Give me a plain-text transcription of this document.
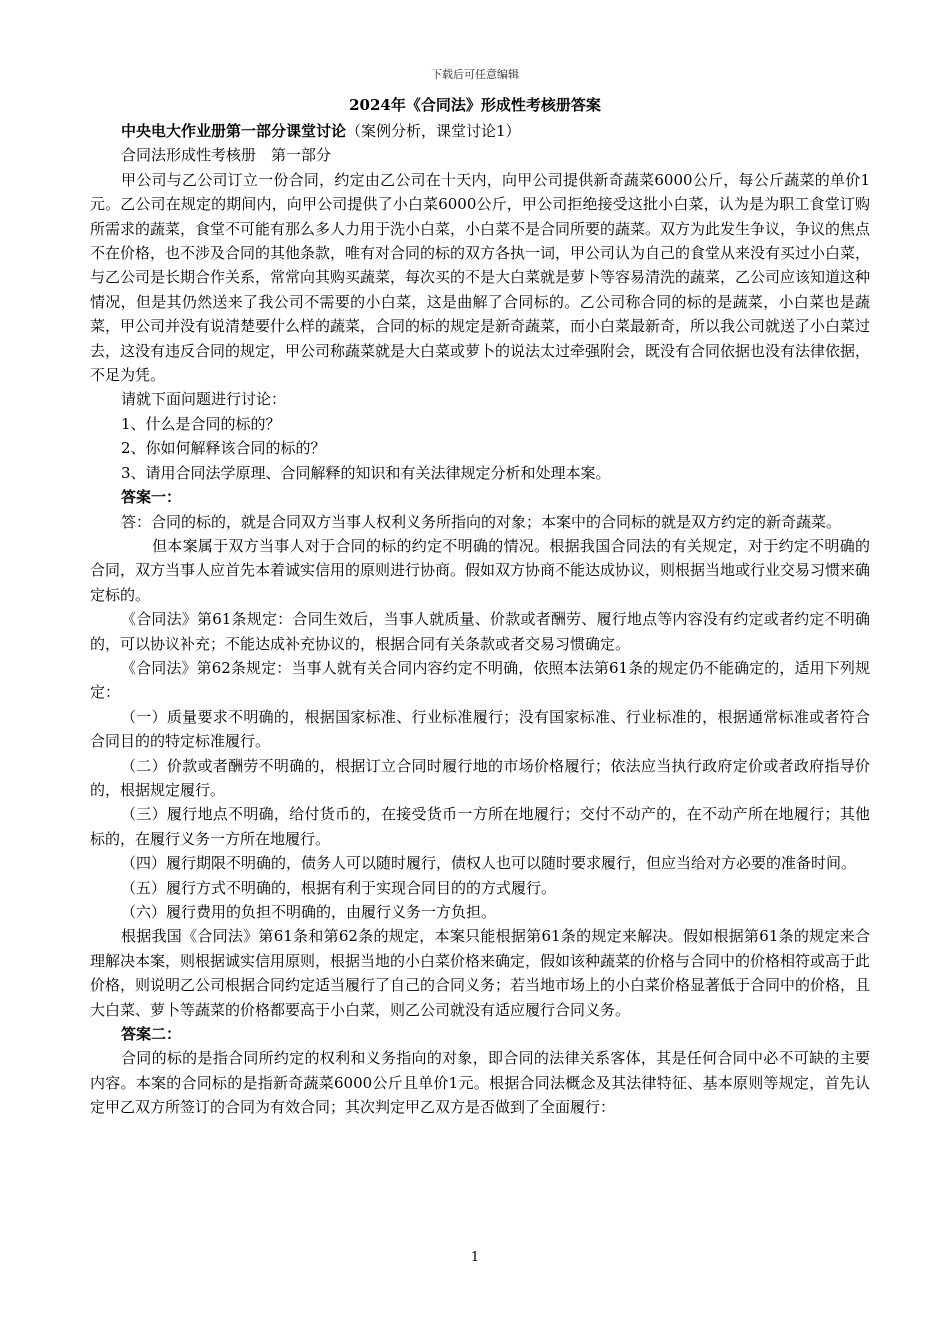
下载后可任意编辑
2024年《合同法》形成性考核册答案

中央电大作业册第一部分课堂讨论（案例分析，课堂讨论1）

合同法形成性考核册　第一部分

甲公司与乙公司订立一份合同，约定由乙公司在十天内，向甲公司提供新奇蔬菜6000公斤，每公斤蔬菜的单价1元。乙公司在规定的期间内，向甲公司提供了小白菜6000公斤，甲公司拒绝接受这批小白菜，认为是为职工食堂订购所需求的蔬菜，食堂不可能有那么多人力用于洗小白菜，小白菜不是合同所要的蔬菜。双方为此发生争议，争议的焦点不在价格，也不涉及合同的其他条款，唯有对合同的标的双方各执一词，甲公司认为自己的食堂从来没有买过小白菜，与乙公司是长期合作关系，常常向其购买蔬菜，每次买的不是大白菜就是萝卜等容易清洗的蔬菜，乙公司应该知道这种情况，但是其仍然送来了我公司不需要的小白菜，这是曲解了合同标的。乙公司称合同的标的是蔬菜，小白菜也是蔬菜，甲公司并没有说清楚要什么样的蔬菜，合同的标的规定是新奇蔬菜，而小白菜最新奇，所以我公司就送了小白菜过去，这没有违反合同的规定，甲公司称蔬菜就是大白菜或萝卜的说法太过牵强附会，既没有合同依据也没有法律依据，不足为凭。

请就下面问题进行讨论：

1、什么是合同的标的？

2、你如何解释该合同的标的？

3、请用合同法学原理、合同解释的知识和有关法律规定分析和处理本案。

答案一：

答：合同的标的，就是合同双方当事人权利义务所指向的对象；本案中的合同标的就是双方约定的新奇蔬菜。

但本案属于双方当事人对于合同的标的约定不明确的情况。根据我国合同法的有关规定，对于约定不明确的合同，双方当事人应首先本着诚实信用的原则进行协商。假如双方协商不能达成协议，则根据当地或行业交易习惯来确定标的。

《合同法》第61条规定：合同生效后，当事人就质量、价款或者酬劳、履行地点等内容没有约定或者约定不明确的，可以协议补充；不能达成补充协议的，根据合同有关条款或者交易习惯确定。

《合同法》第62条规定：当事人就有关合同内容约定不明确，依照本法第61条的规定仍不能确定的，适用下列规定：

（一）质量要求不明确的，根据国家标准、行业标准履行；没有国家标准、行业标准的，根据通常标准或者符合合同目的的特定标准履行。

（二）价款或者酬劳不明确的，根据订立合同时履行地的市场价格履行；依法应当执行政府定价或者政府指导价的，根据规定履行。

（三）履行地点不明确，给付货币的，在接受货币一方所在地履行；交付不动产的，在不动产所在地履行；其他标的，在履行义务一方所在地履行。

（四）履行期限不明确的，债务人可以随时履行，债权人也可以随时要求履行，但应当给对方必要的准备时间。

（五）履行方式不明确的，根据有利于实现合同目的的方式履行。

（六）履行费用的负担不明确的，由履行义务一方负担。

根据我国《合同法》第61条和第62条的规定，本案只能根据第61条的规定来解决。假如根据第61条的规定来合理解决本案，则根据诚实信用原则，根据当地的小白菜价格来确定，假如该种蔬菜的价格与合同中的价格相符或高于此价格，则说明乙公司根据合同约定适当履行了自己的合同义务；若当地市场上的小白菜价格显著低于合同中的价格，且大白菜、萝卜等蔬菜的价格都要高于小白菜，则乙公司就没有适应履行合同义务。

答案二：

合同的标的是指合同所约定的权利和义务指向的对象，即合同的法律关系客体，其是任何合同中必不可缺的主要内容。本案的合同标的是指新奇蔬菜6000公斤且单价1元。根据合同法概念及其法律特征、基本原则等规定，首先认定甲乙双方所签订的合同为有效合同；其次判定甲乙双方是否做到了全面履行：

1
